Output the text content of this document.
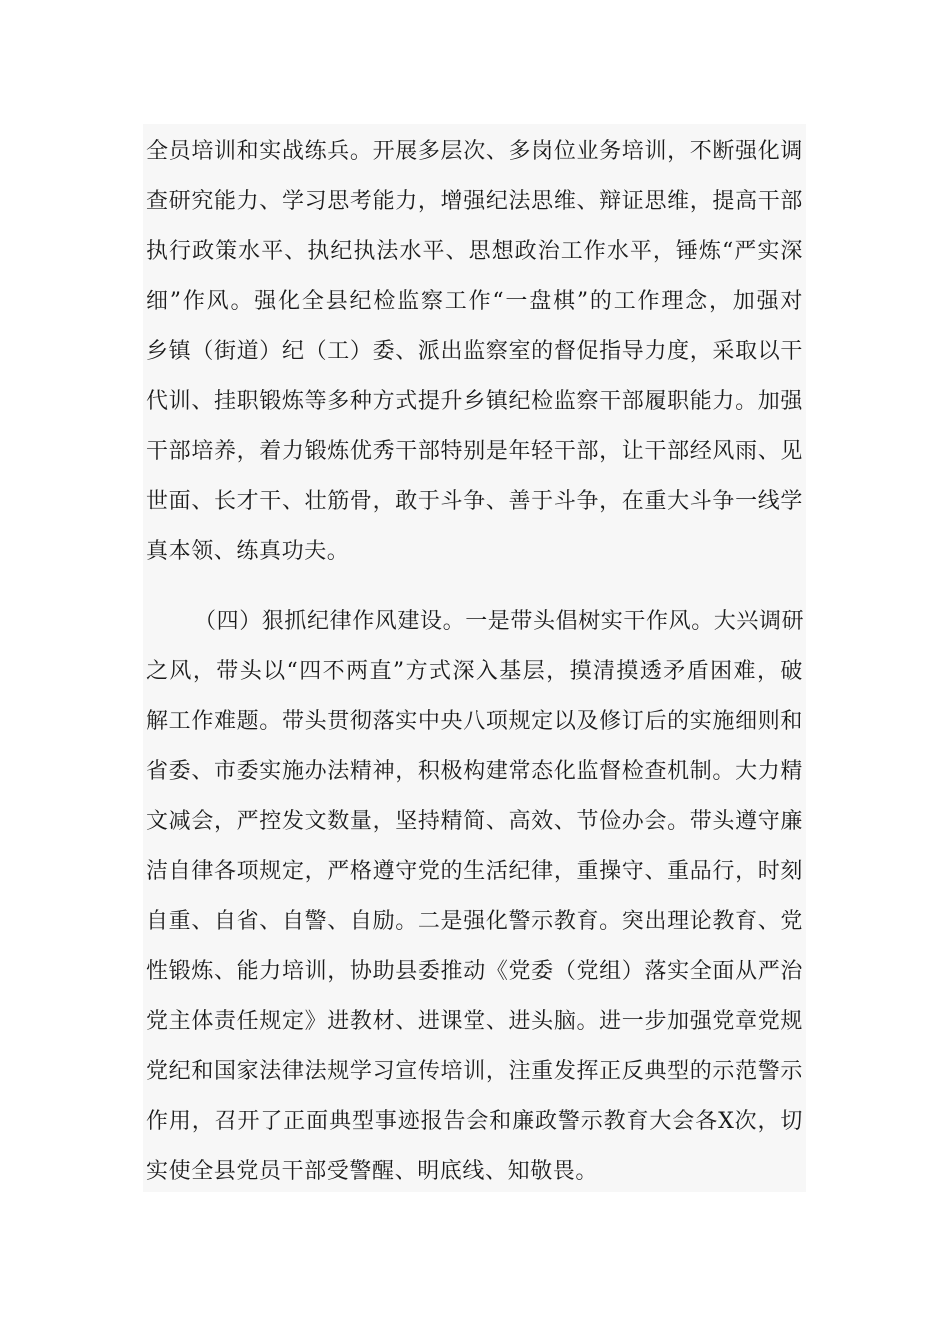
全员培训和实战练兵。开展多层次、多岗位业务培训，不断强化调
查研究能力、学习思考能力，增强纪法思维、辩证思维，提高干部
执行政策水平、执纪执法水平、思想政治工作水平，锤炼“严实深
细”作风。强化全县纪检监察工作“一盘棋”的工作理念，加强对
乡镇（街道）纪（工）委、派出监察室的督促指导力度，采取以干
代训、挂职锻炼等多种方式提升乡镇纪检监察干部履职能力。加强
干部培养，着力锻炼优秀干部特别是年轻干部，让干部经风雨、见
世面、长才干、壮筋骨，敢于斗争、善于斗争，在重大斗争一线学
真本领、练真功夫。
（四）狠抓纪律作风建设。一是带头倡树实干作风。大兴调研
之风，带头以“四不两直”方式深入基层，摸清摸透矛盾困难，破
解工作难题。带头贯彻落实中央八项规定以及修订后的实施细则和
省委、市委实施办法精神，积极构建常态化监督检查机制。大力精
文减会，严控发文数量，坚持精简、高效、节俭办会。带头遵守廉
洁自律各项规定，严格遵守党的生活纪律，重操守、重品行，时刻
自重、自省、自警、自励。二是强化警示教育。突出理论教育、党
性锻炼、能力培训，协助县委推动《党委（党组）落实全面从严治
党主体责任规定》进教材、进课堂、进头脑。进一步加强党章党规
党纪和国家法律法规学习宣传培训，注重发挥正反典型的示范警示
作用，召开了正面典型事迹报告会和廉政警示教育大会各X次，切
实使全县党员干部受警醒、明底线、知敬畏。
